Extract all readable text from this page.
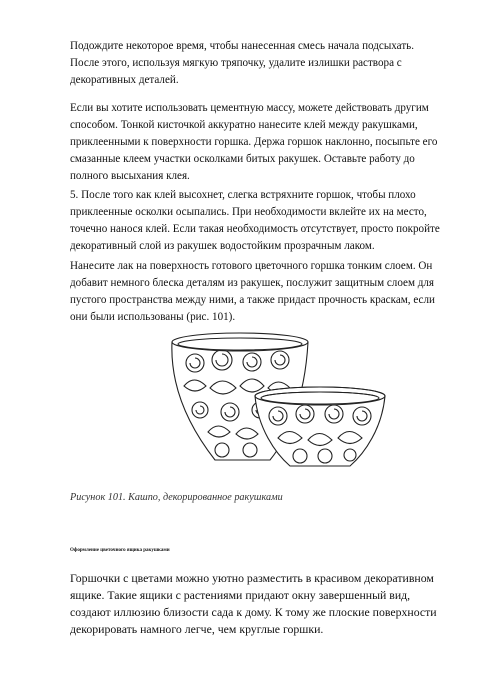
Подождите некоторое время, чтобы нанесенная смесь начала подсыхать. После этого, используя мягкую тряпочку, удалите излишки раствора с декоративных деталей.

Если вы хотите использовать цементную массу, можете действовать другим способом. Тонкой кисточкой аккуратно нанесите клей между ракушками, приклеенными к поверхности горшка. Держа горшок наклонно, посыпьте его смазанные клеем участки осколками битых ракушек. Оставьте работу до полного высыхания клея.

5. После того как клей высохнет, слегка встряхните горшок, чтобы плохо приклеенные осколки осыпались. При необходимости вклейте их на место, точечно нанося клей. Если такая необходимость отсутствует, просто покройте декоративный слой из ракушек водостойким прозрачным лаком.

Нанесите лак на поверхность готового цветочного горшка тонким слоем. Он добавит немного блеска деталям из ракушек, послужит защитным слоем для пустого пространства между ними, а также придаст прочность краскам, если они были использованы (рис. 101).

Рисунок 101. Кашпо, декорированное ракушками

Оформление цветочного ящика ракушками

Горшочки с цветами можно уютно разместить в красивом декоративном ящике. Такие ящики с растениями придают окну завершенный вид, создают иллюзию близости сада к дому. К тому же плоские поверхности декорировать намного легче, чем круглые горшки.
